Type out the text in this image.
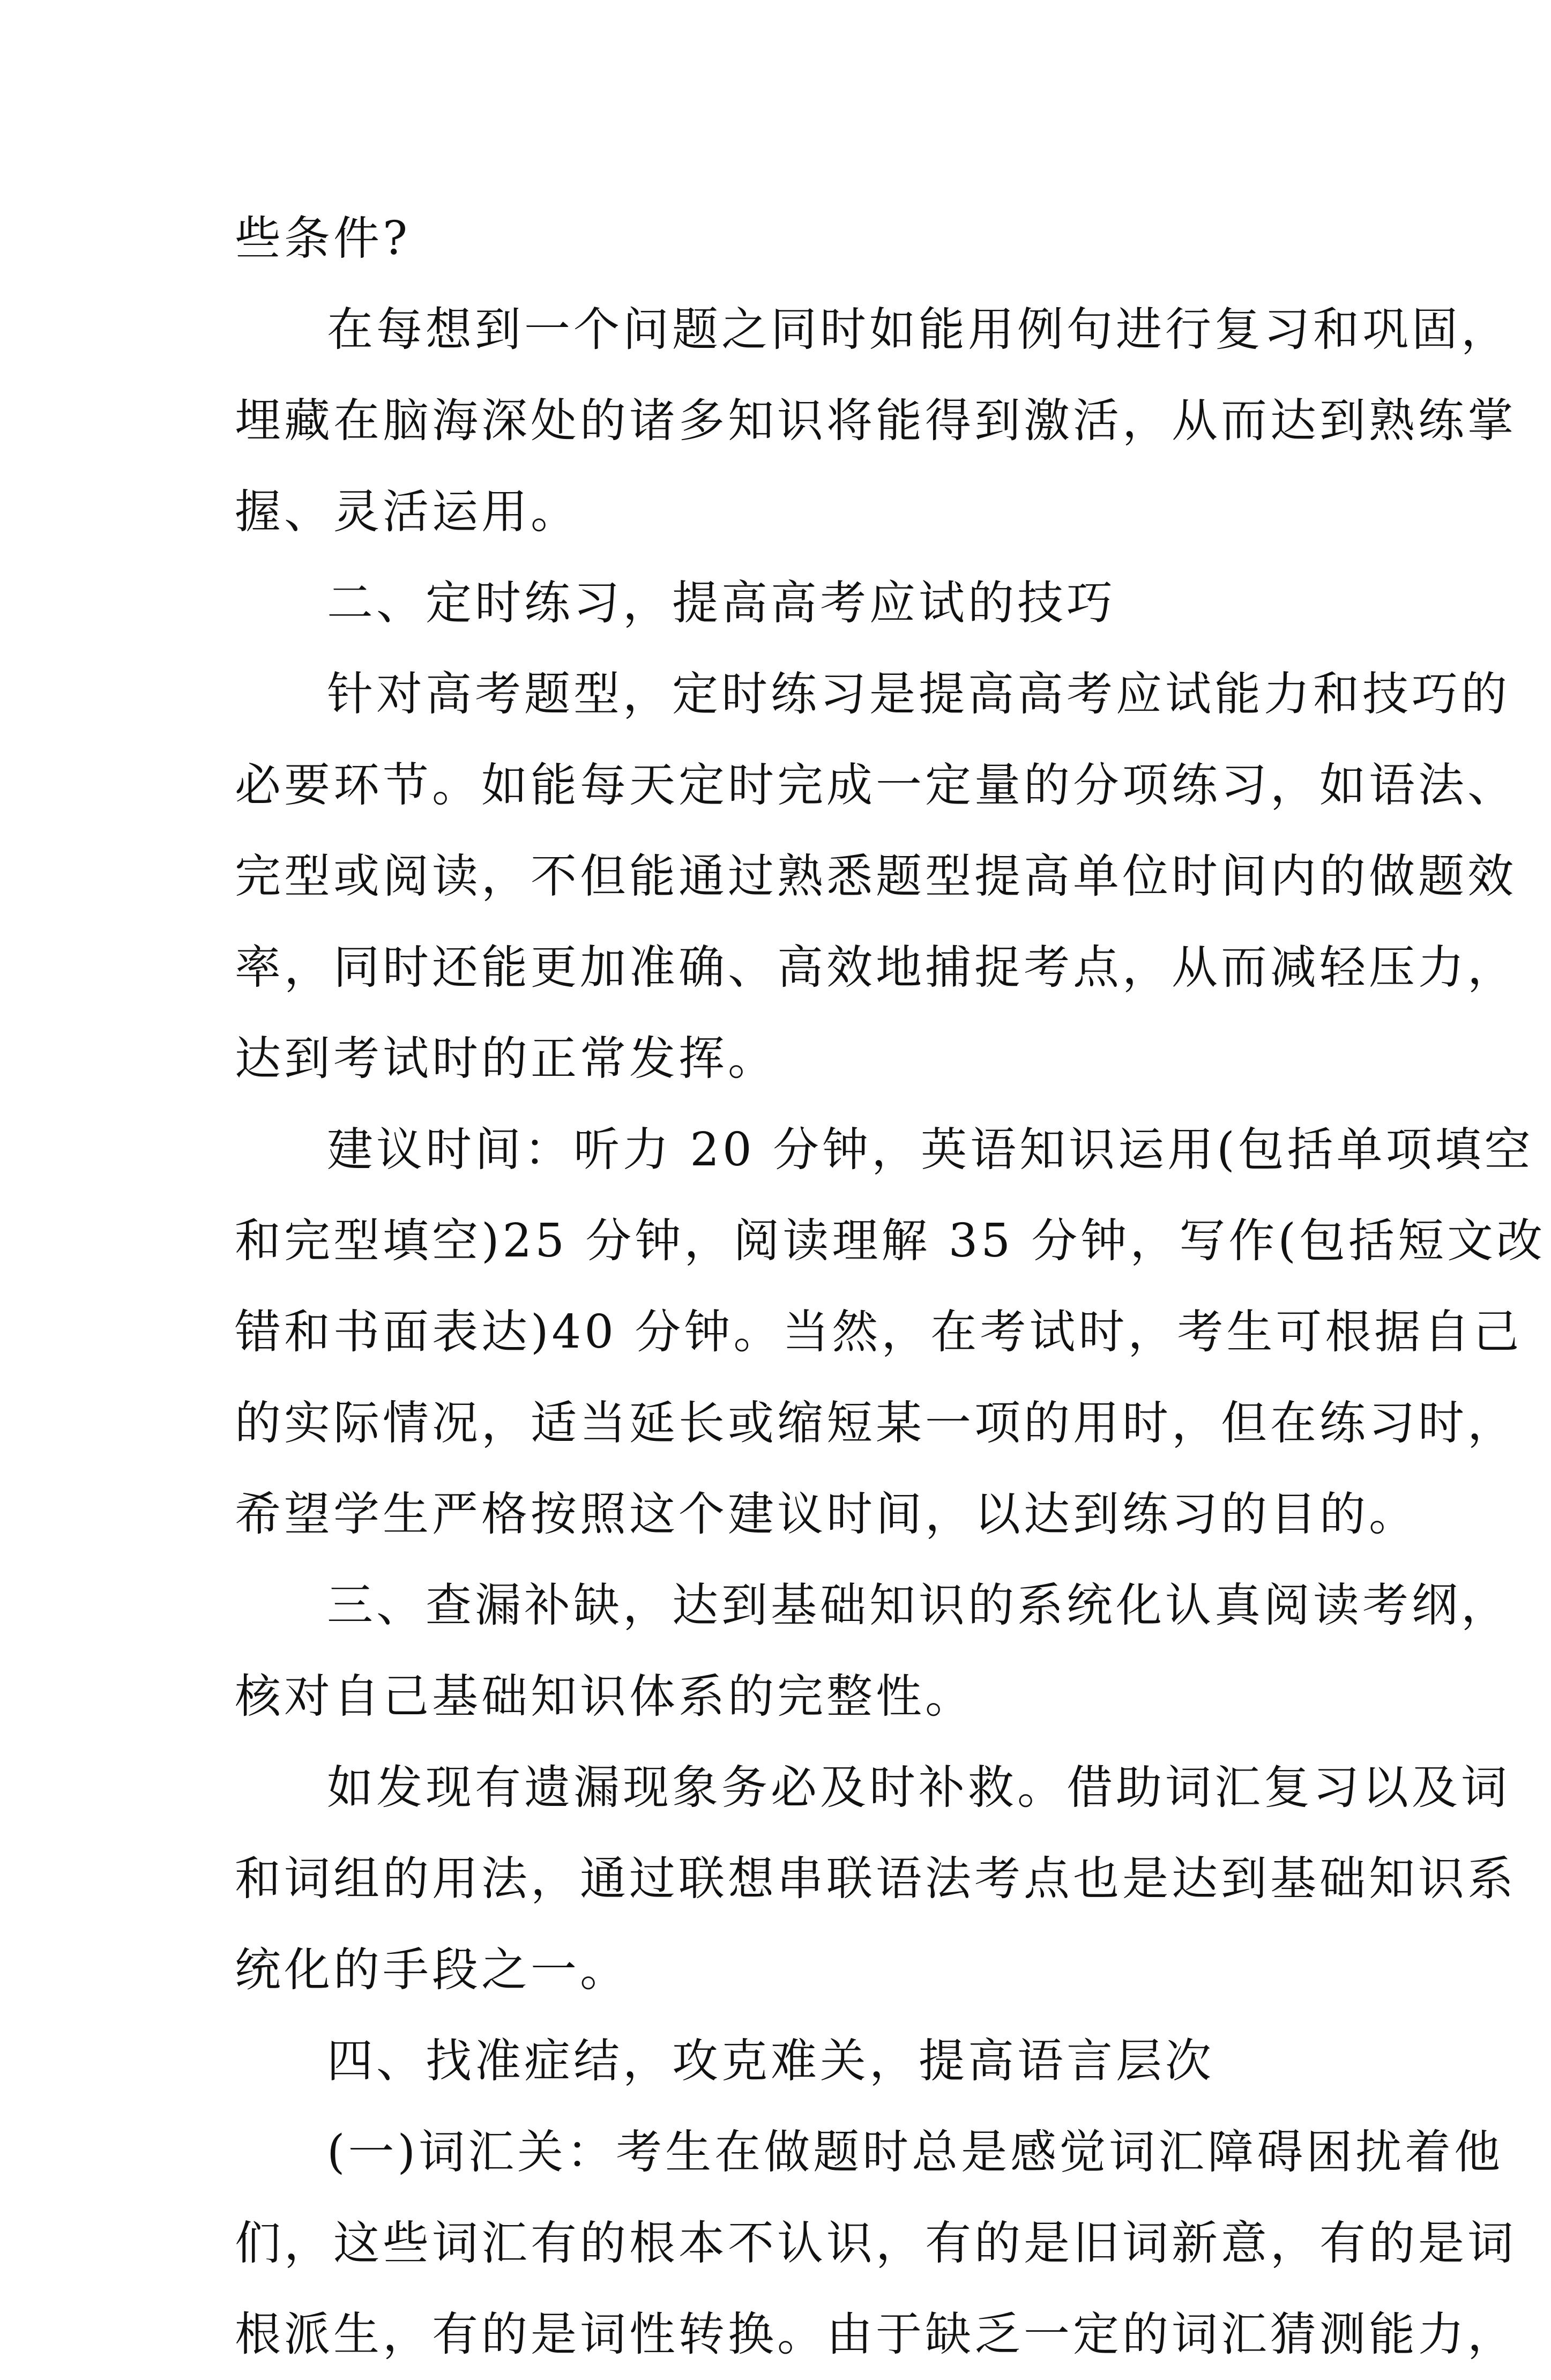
些条件?
在每想到一个问题之同时如能用例句进行复习和巩固，
埋藏在脑海深处的诸多知识将能得到激活，从而达到熟练掌
握、灵活运用。
二、定时练习，提高高考应试的技巧
针对高考题型，定时练习是提高高考应试能力和技巧的
必要环节。如能每天定时完成一定量的分项练习，如语法、
完型或阅读，不但能通过熟悉题型提高单位时间内的做题效
率，同时还能更加准确、高效地捕捉考点，从而减轻压力，
达到考试时的正常发挥。
建议时间：听力 20 分钟，英语知识运用(包括单项填空
和完型填空)25 分钟，阅读理解 35 分钟，写作(包括短文改
错和书面表达)40 分钟。当然，在考试时，考生可根据自己
的实际情况，适当延长或缩短某一项的用时，但在练习时，
希望学生严格按照这个建议时间，以达到练习的目的。
三、查漏补缺，达到基础知识的系统化认真阅读考纲，
核对自己基础知识体系的完整性。
如发现有遗漏现象务必及时补救。借助词汇复习以及词
和词组的用法，通过联想串联语法考点也是达到基础知识系
统化的手段之一。
四、找准症结，攻克难关，提高语言层次
(一)词汇关：考生在做题时总是感觉词汇障碍困扰着他
们，这些词汇有的根本不认识，有的是旧词新意，有的是词
根派生，有的是词性转换。由于缺乏一定的词汇猜测能力，
